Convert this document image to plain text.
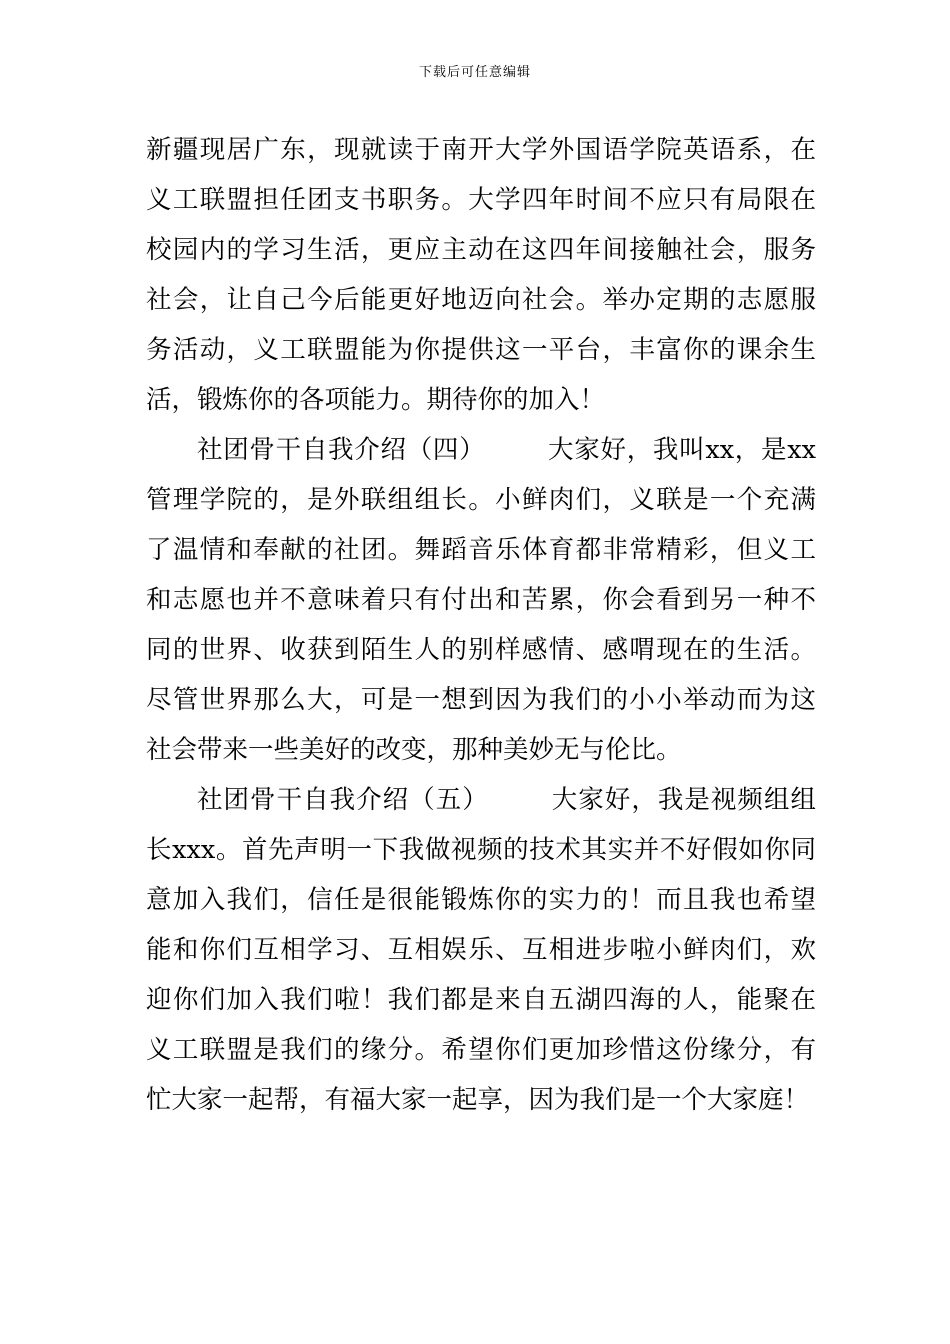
下载后可任意编辑
新疆现居广东，现就读于南开大学外国语学院英语系，在
义工联盟担任团支书职务。大学四年时间不应只有局限在
校园内的学习生活，更应主动在这四年间接触社会，服务
社会，让自己今后能更好地迈向社会。举办定期的志愿服
务活动，义工联盟能为你提供这一平台，丰富你的课余生
活，锻炼你的各项能力。期待你的加入！
社团骨干自我介绍（四） 大家好，我叫xx，是xx
管理学院的，是外联组组长。小鲜肉们，义联是一个充满
了温情和奉献的社团。舞蹈音乐体育都非常精彩，但义工
和志愿也并不意味着只有付出和苦累，你会看到另一种不
同的世界、收获到陌生人的别样感情、感喟现在的生活。
尽管世界那么大，可是一想到因为我们的小小举动而为这
社会带来一些美好的改变，那种美妙无与伦比。
社团骨干自我介绍（五） 大家好，我是视频组组
长xxx。首先声明一下我做视频的技术其实并不好假如你同
意加入我们，信任是很能锻炼你的实力的！而且我也希望
能和你们互相学习、互相娱乐、互相进步啦小鲜肉们，欢
迎你们加入我们啦！我们都是来自五湖四海的人，能聚在
义工联盟是我们的缘分。希望你们更加珍惜这份缘分，有
忙大家一起帮，有福大家一起享，因为我们是一个大家庭！
